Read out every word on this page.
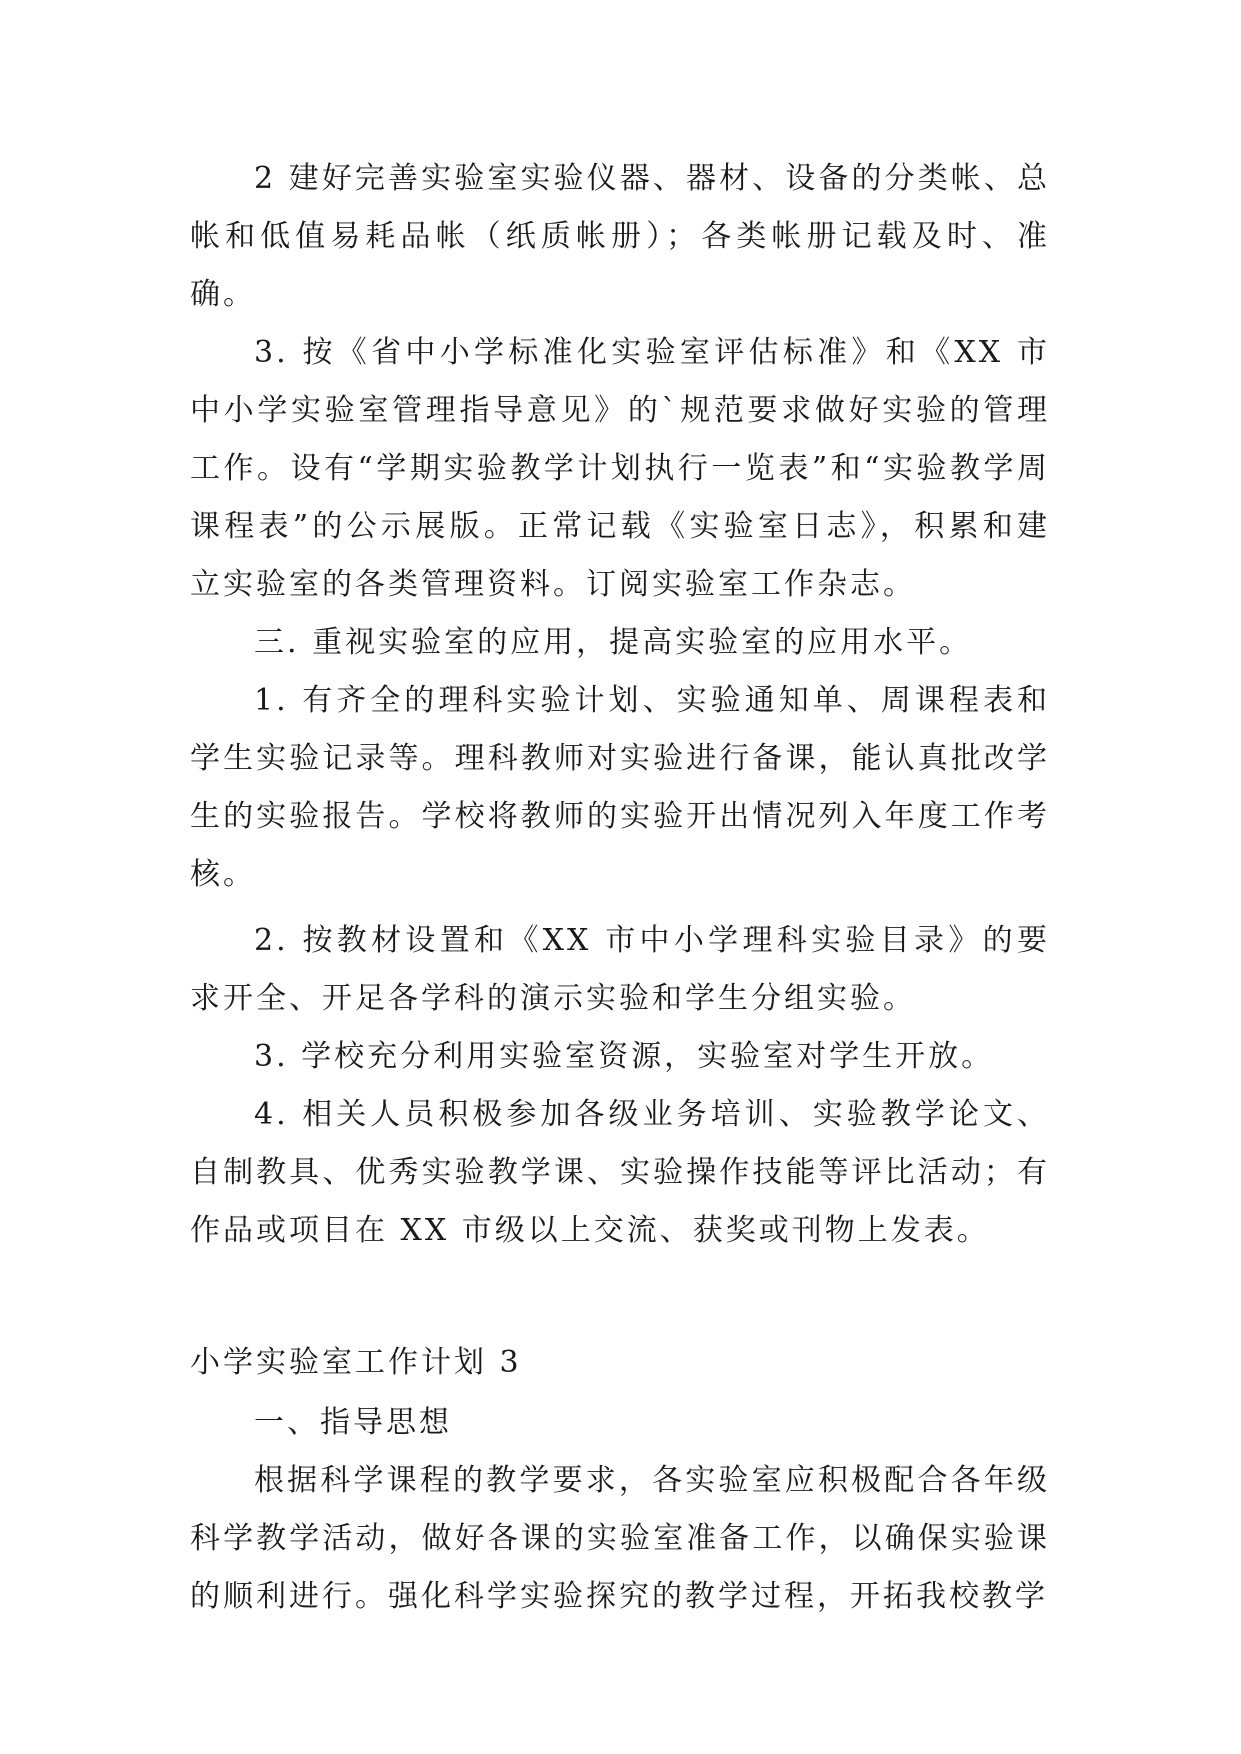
2 建好完善实验室实验仪器、器材、设备的分类帐、总帐和低值易耗品帐（纸质帐册）；各类帐册记载及时、准确。

3. 按《省中小学标准化实验室评估标准》和《XX 市中小学实验室管理指导意见》的`规范要求做好实验的管理工作。设有“学期实验教学计划执行一览表”和“实验教学周课程表”的公示展版。正常记载《实验室日志》，积累和建立实验室的各类管理资料。订阅实验室工作杂志。

三. 重视实验室的应用，提高实验室的应用水平。

1. 有齐全的理科实验计划、实验通知单、周课程表和学生实验记录等。理科教师对实验进行备课，能认真批改学生的实验报告。学校将教师的实验开出情况列入年度工作考核。

2. 按教材设置和《XX 市中小学理科实验目录》的要求开全、开足各学科的演示实验和学生分组实验。

3. 学校充分利用实验室资源，实验室对学生开放。

4. 相关人员积极参加各级业务培训、实验教学论文、自制教具、优秀实验教学课、实验操作技能等评比活动；有作品或项目在 XX 市级以上交流、获奖或刊物上发表。

小学实验室工作计划 3

一、指导思想

根据科学课程的教学要求，各实验室应积极配合各年级科学教学活动，做好各课的实验室准备工作，以确保实验课的顺利进行。强化科学实验探究的教学过程，开拓我校教学
